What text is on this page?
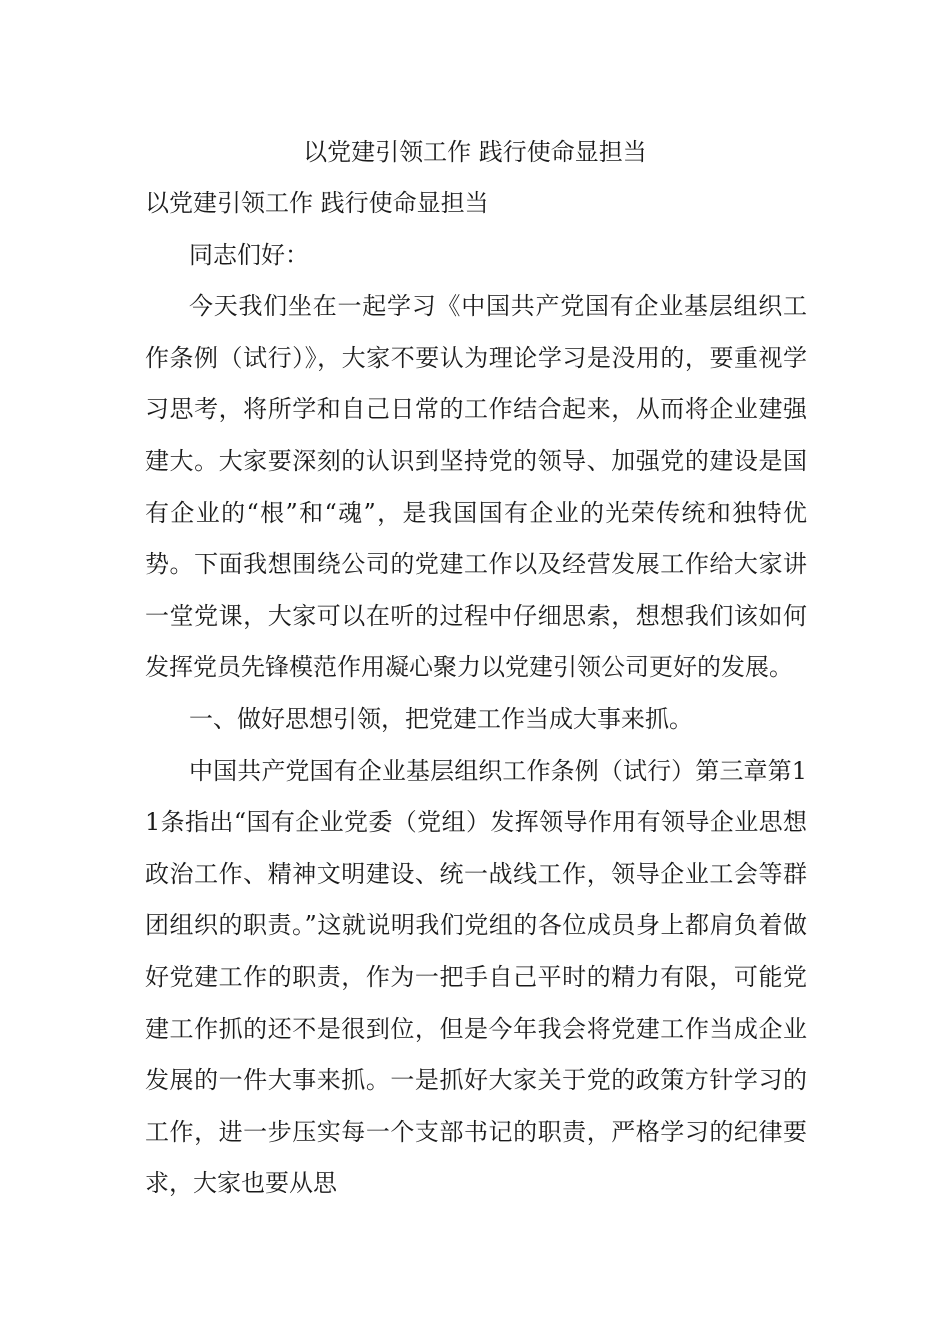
以党建引领工作 践行使命显担当

以党建引领工作 践行使命显担当

同志们好：

今天我们坐在一起学习《中国共产党国有企业基层组织工作条例（试行）》，大家不要认为理论学习是没用的，要重视学习思考，将所学和自己日常的工作结合起来，从而将企业建强建大。大家要深刻的认识到坚持党的领导、加强党的建设是国有企业的“根”和“魂”，是我国国有企业的光荣传统和独特优势。下面我想围绕公司的党建工作以及经营发展工作给大家讲一堂党课，大家可以在听的过程中仔细思索，想想我们该如何发挥党员先锋模范作用凝心聚力以党建引领公司更好的发展。

一、做好思想引领，把党建工作当成大事来抓。

中国共产党国有企业基层组织工作条例（试行）第三章第11条指出“国有企业党委（党组）发挥领导作用有领导企业思想政治工作、精神文明建设、统一战线工作，领导企业工会等群团组织的职责。”这就说明我们党组的各位成员身上都肩负着做好党建工作的职责，作为一把手自己平时的精力有限，可能党建工作抓的还不是很到位，但是今年我会将党建工作当成企业发展的一件大事来抓。一是抓好大家关于党的政策方针学习的工作，进一步压实每一个支部书记的职责，严格学习的纪律要求，大家也要从思
